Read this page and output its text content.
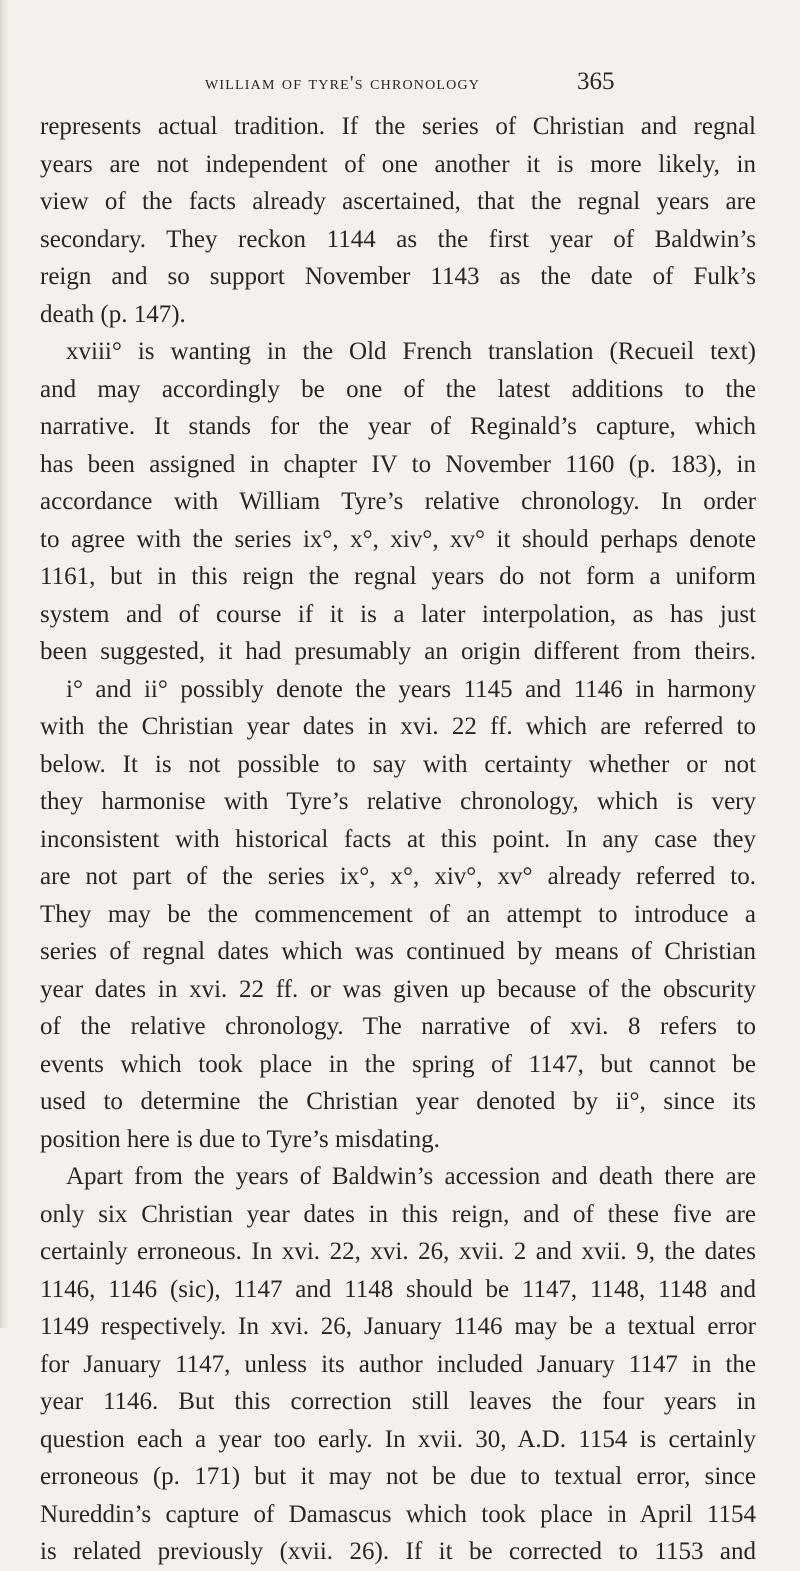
william of tyre's chronology	365
represents actual tradition. If the series of Christian and regnal
years are not independent of one another it is more likely, in
view of the facts already ascertained, that the regnal years are
secondary. They reckon 1144 as the first year of Baldwin’s
reign and so support November 1143 as the date of Fulk’s
death (p. 147).
xviii° is wanting in the Old French translation (Recueil text)
and may accordingly be one of the latest additions to the
narrative. It stands for the year of Reginald’s capture, which
has been assigned in chapter IV to November 1160 (p. 183), in
accordance with William Tyre’s relative chronology. In order
to agree with the series ix°, x°, xiv°, xv° it should perhaps denote
1161, but in this reign the regnal years do not form a uniform
system and of course if it is a later interpolation, as has just
been suggested, it had presumably an origin different from theirs.
i° and ii° possibly denote the years 1145 and 1146 in harmony
with the Christian year dates in xvi. 22 ff. which are referred to
below. It is not possible to say with certainty whether or not
they harmonise with Tyre’s relative chronology, which is very
inconsistent with historical facts at this point. In any case they
are not part of the series ix°, x°, xiv°, xv° already referred to.
They may be the commencement of an attempt to introduce a
series of regnal dates which was continued by means of Christian
year dates in xvi. 22 ff. or was given up because of the obscurity
of the relative chronology. The narrative of xvi. 8 refers to
events which took place in the spring of 1147, but cannot be
used to determine the Christian year denoted by ii°, since its
position here is due to Tyre’s misdating.
Apart from the years of Baldwin’s accession and death there are
only six Christian year dates in this reign, and of these five are
certainly erroneous. In xvi. 22, xvi. 26, xvii. 2 and xvii. 9, the dates
1146, 1146 (sic), 1147 and 1148 should be 1147, 1148, 1148 and
1149 respectively. In xvi. 26, January 1146 may be a textual error
for January 1147, unless its author included January 1147 in the
year 1146. But this correction still leaves the four years in
question each a year too early. In xvii. 30, A.D. 1154 is certainly
erroneous (p. 171) but it may not be due to textual error, since
Nureddin’s capture of Damascus which took place in April 1154
is related previously (xvii. 26). If it be corrected to 1153 and
